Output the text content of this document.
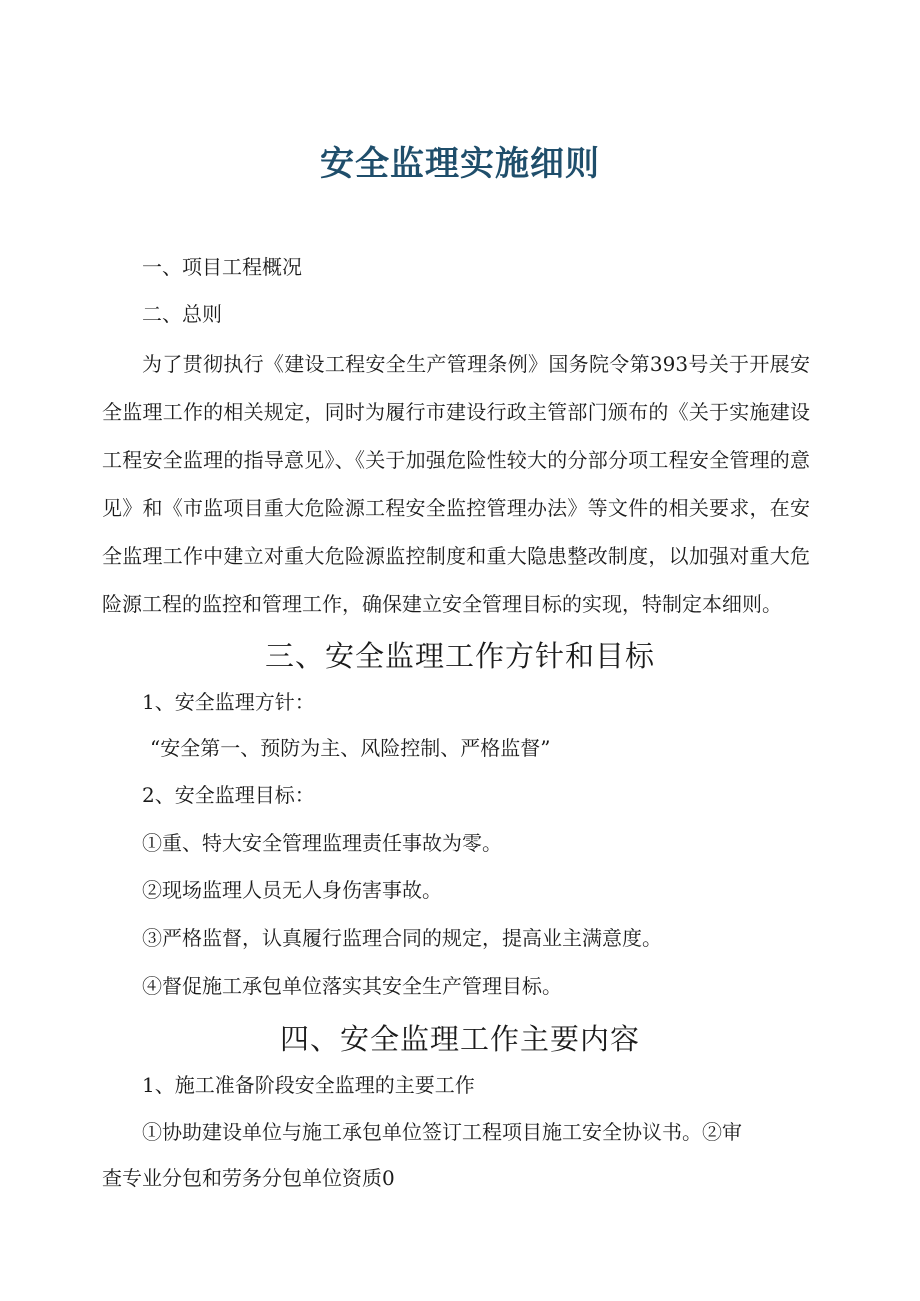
安全监理实施细则

一、项目工程概况

二、总则

为了贯彻执行《建设工程安全生产管理条例》国务院令第393号关于开展安全监理工作的相关规定，同时为履行市建设行政主管部门颁布的《关于实施建设工程安全监理的指导意见》、《关于加强危险性较大的分部分项工程安全管理的意见》和《市监项目重大危险源工程安全监控管理办法》等文件的相关要求，在安全监理工作中建立对重大危险源监控制度和重大隐患整改制度，以加强对重大危险源工程的监控和管理工作，确保建立安全管理目标的实现，特制定本细则。

三、安全监理工作方针和目标

1、安全监理方针：

“安全第一、预防为主、风险控制、严格监督”

2、安全监理目标：

①重、特大安全管理监理责任事故为零。

②现场监理人员无人身伤害事故。

③严格监督，认真履行监理合同的规定，提高业主满意度。

④督促施工承包单位落实其安全生产管理目标。

四、安全监理工作主要内容

1、施工准备阶段安全监理的主要工作

①协助建设单位与施工承包单位签订工程项目施工安全协议书。②审

查专业分包和劳务分包单位资质0
